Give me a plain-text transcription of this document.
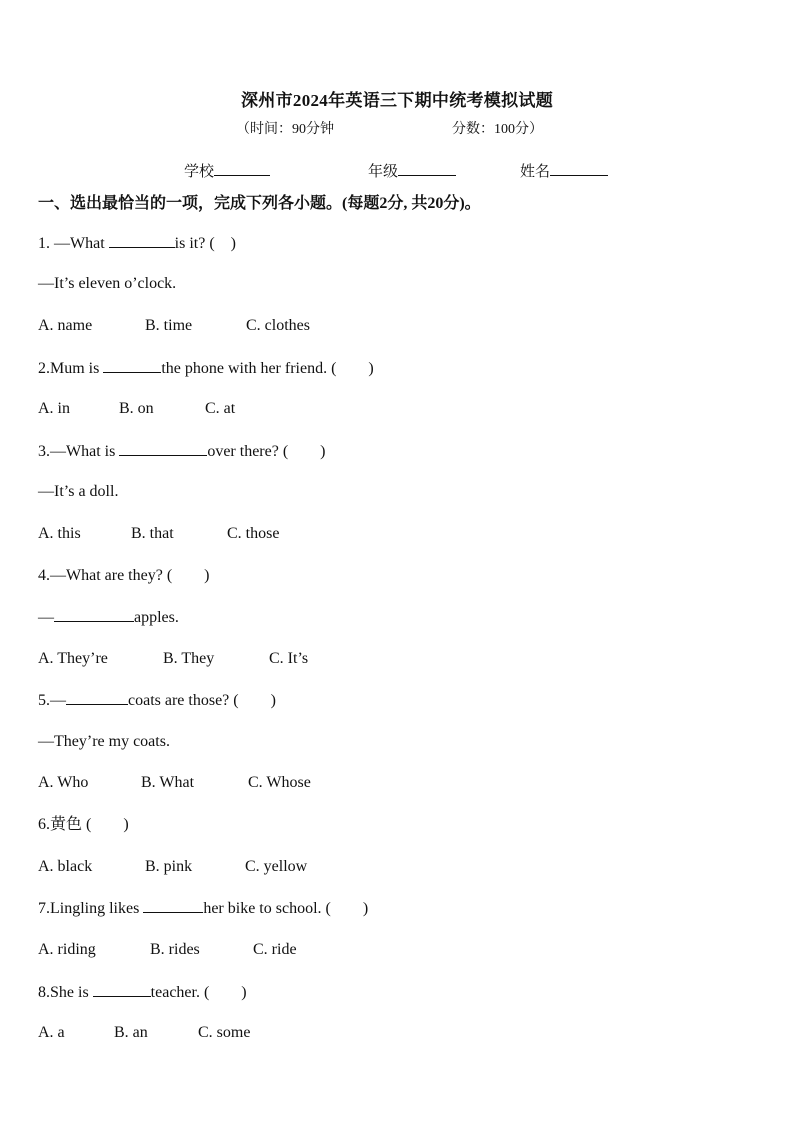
深州市2024年英语三下期中统考模拟试题
（时间：90分钟	分数：100分）
学校	年级	姓名
一、选出最恰当的一项，完成下列各小题。(每题2分, 共20分)。
1. —What	is it? (　)
—It’s eleven o’clock.
A. name	B. time	C. clothes
2.Mum is	the phone with her friend. (　　)
A. in	B. on	C. at
3.—What is	over there? (　　)
—It’s a doll.
A. this	B. that	C. those
4.—What are they? (　　)
—	apples.
A. They’re	B. They	C. It’s
5.—	coats are those? (　　)
—They’re my coats.
A. Who	B. What	C. Whose
6.黄色 (　　)
A. black	B. pink	C. yellow
7.Lingling likes	her bike to school. (　　)
A. riding	B. rides	C. ride
8.She is	teacher. (　　)
A. a	B. an	C. some
